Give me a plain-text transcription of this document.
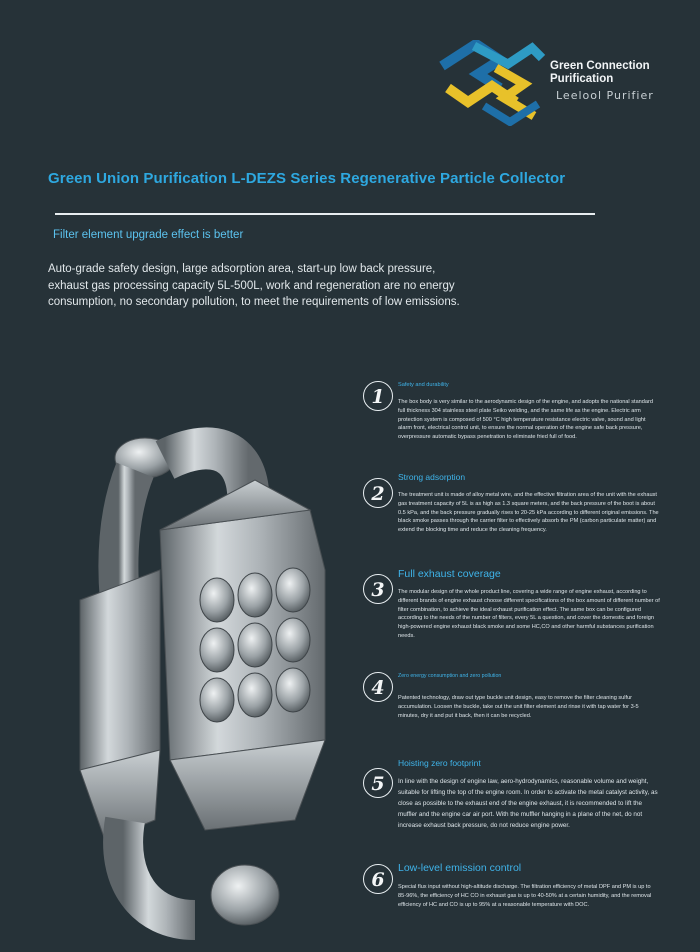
Green Connection
Purification
Leelool Purifier
Green Union Purification L-DEZS Series Regenerative Particle Collector
Filter element upgrade effect is better
Auto-grade safety design, large adsorption area, start-up low back pressure, exhaust gas processing capacity 5L-500L, work and regeneration are no energy consumption, no secondary pollution, to meet the requirements of low emissions.
1
Safety and durability
The box body is very similar to the aerodynamic design of the engine, and adopts the national standard full thickness 304 stainless steel plate Seiko welding, and the same life as the engine. Electric arm protection system is composed of 500 °C high temperature resistance electric valve, sound and light alarm front, electrical control unit, to ensure the normal operation of the engine safe back pressure, overpressure automatic bypass penetration to eliminate fried full of food.
2
Strong adsorption
The treatment unit is made of alloy metal wire, and the effective filtration area of the unit with the exhaust gas treatment capacity of 5L is as high as 1.3 square meters, and the back pressure of the boot is about 0.5 kPa, and the back pressure gradually rises to 20-25 kPa according to different original emissions. The black smoke passes through the carrier filter to effectively absorb the PM (carbon particulate matter) and extend the blocking time and reduce the cleaning frequency.
3
Full exhaust coverage
The modular design of the whole product line, covering a wide range of engine exhaust, according to different brands of engine exhaust choose different specifications of the box amount of different number of filter combination, to achieve the ideal exhaust purification effect. The same box can be configured according to the needs of the number of filters, every 5L a question, and cover the domestic and foreign high-powered engine exhaust black smoke and some HC,CO and other harmful substances purification needs.
4
Zero energy consumption and zero pollution
Patented technology, draw out type buckle unit design, easy to remove the filter cleaning sulfur accumulation. Loosen the buckle, take out the unit filter element and rinse it with tap water for 3-5 minutes, dry it and put it back, then it can be recycled.
5
Hoisting zero footprint
In line with the design of engine law, aero-hydrodynamics, reasonable volume and weight, suitable for lifting the top of the engine room. In order to activate the metal catalyst activity, as close as possible to the exhaust end of the engine exhaust, it is recommended to lift the muffler and the engine car air port. With the muffler hanging in a plane of the net, do not increase exhaust back pressure, do not reduce engine power.
6
Low-level emission control
Special flux input without high-altitude discharge. The filtration efficiency of metal DPF and PM is up to 85-96%, the efficiency of HC CO in exhaust gas is up to 40-50% at a certain humidity, and the removal efficiency of HC and CO is up to 95% at a reasonable temperature with DOC.
